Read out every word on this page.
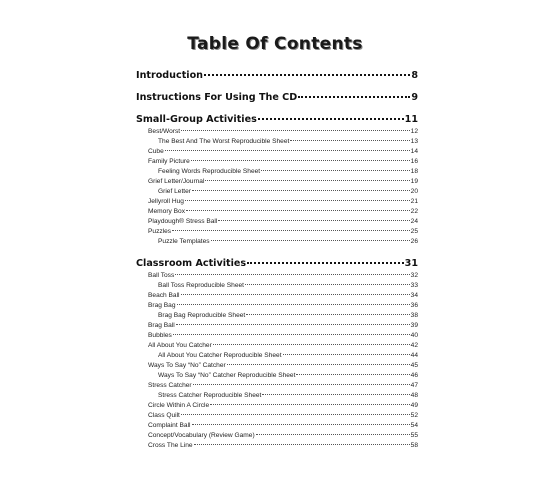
Table Of Contents
Introduction	8
Instructions For Using The CD	9
Small-Group Activities	11
Best/Worst	12
The Best And The Worst Reproducible Sheet	13
Cube	14
Family Picture	16
Feeling Words Reproducible Sheet	18
Grief Letter/Journal	19
Grief Letter	20
Jellyroll Hug	21
Memory Box	22
Playdough® Stress Ball	24
Puzzles	25
Puzzle Templates	26
Classroom Activities	31
Ball Toss	32
Ball Toss Reproducible Sheet	33
Beach Ball	34
Brag Bag	36
Brag Bag Reproducible Sheet	38
Brag Ball	39
Bubbles	40
All About You Catcher	42
All About You Catcher Reproducible Sheet	44
Ways To Say “No” Catcher	45
Ways To Say “No” Catcher Reproducible Sheet	46
Stress Catcher	47
Stress Catcher Reproducible Sheet	48
Circle Within A Circle	49
Class Quilt	52
Complaint Ball	54
Concept/Vocabulary (Review Game)	55
Cross The Line	58
